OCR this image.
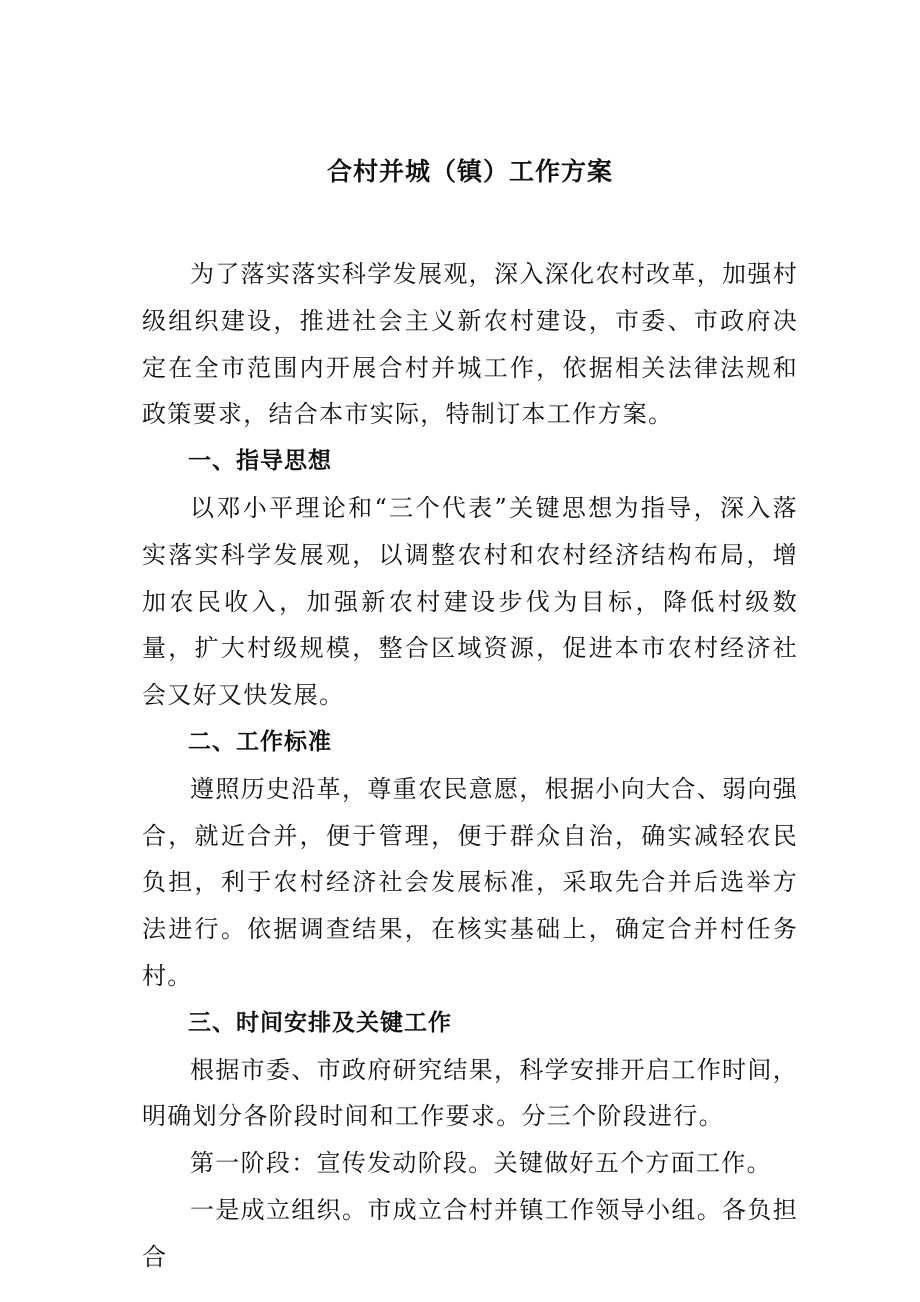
合村并城（镇）工作方案

为了落实落实科学发展观，深入深化农村改革，加强村级组织建设，推进社会主义新农村建设，市委、市政府决定在全市范围内开展合村并城工作，依据相关法律法规和政策要求，结合本市实际，特制订本工作方案。

一、指导思想

以邓小平理论和“三个代表”关键思想为指导，深入落实落实科学发展观，以调整农村和农村经济结构布局，增加农民收入，加强新农村建设步伐为目标，降低村级数量，扩大村级规模，整合区域资源，促进本市农村经济社会又好又快发展。

二、工作标准

遵照历史沿革，尊重农民意愿，根据小向大合、弱向强合，就近合并，便于管理，便于群众自治，确实减轻农民负担，利于农村经济社会发展标准，采取先合并后选举方法进行。依据调查结果，在核实基础上，确定合并村任务村。

三、时间安排及关键工作

根据市委、市政府研究结果，科学安排开启工作时间，明确划分各阶段时间和工作要求。分三个阶段进行。

第一阶段：宣传发动阶段。关键做好五个方面工作。

一是成立组织。市成立合村并镇工作领导小组。各负担合
